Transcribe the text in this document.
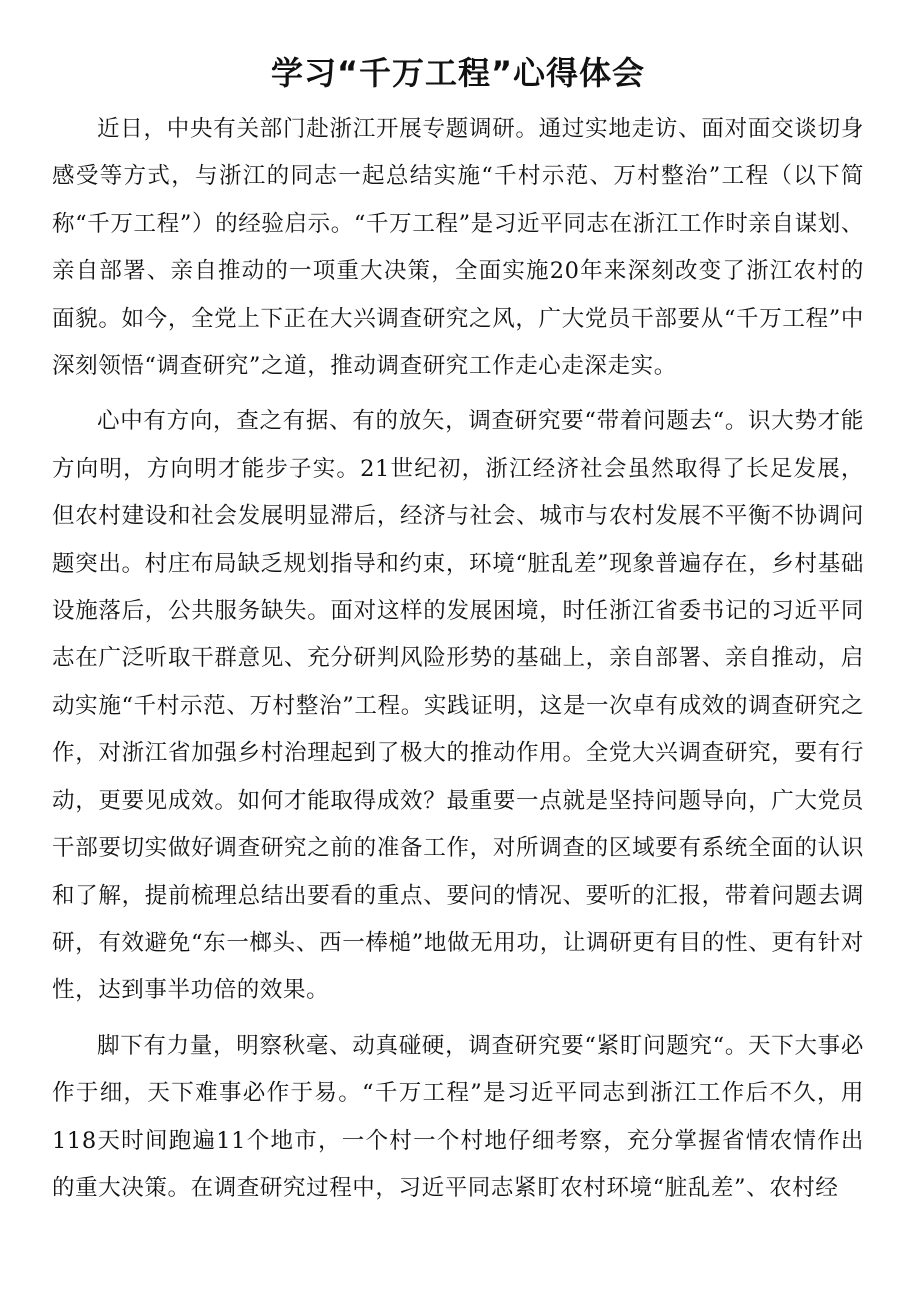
学习“千万工程”心得体会

近日，中央有关部门赴浙江开展专题调研。通过实地走访、面对面交谈切身感受等方式，与浙江的同志一起总结实施“千村示范、万村整治”工程（以下简称“千万工程”）的经验启示。“千万工程”是习近平同志在浙江工作时亲自谋划、亲自部署、亲自推动的一项重大决策，全面实施20年来深刻改变了浙江农村的面貌。如今，全党上下正在大兴调查研究之风，广大党员干部要从“千万工程”中深刻领悟“调查研究”之道，推动调查研究工作走心走深走实。

心中有方向，查之有据、有的放矢，调查研究要“带着问题去“。识大势才能方向明，方向明才能步子实。21世纪初，浙江经济社会虽然取得了长足发展，但农村建设和社会发展明显滞后，经济与社会、城市与农村发展不平衡不协调问题突出。村庄布局缺乏规划指导和约束，环境“脏乱差”现象普遍存在，乡村基础设施落后，公共服务缺失。面对这样的发展困境，时任浙江省委书记的习近平同志在广泛听取干群意见、充分研判风险形势的基础上，亲自部署、亲自推动，启动实施“千村示范、万村整治”工程。实践证明，这是一次卓有成效的调查研究之作，对浙江省加强乡村治理起到了极大的推动作用。全党大兴调查研究，要有行动，更要见成效。如何才能取得成效？最重要一点就是坚持问题导向，广大党员干部要切实做好调查研究之前的准备工作，对所调查的区域要有系统全面的认识和了解，提前梳理总结出要看的重点、要问的情况、要听的汇报，带着问题去调研，有效避免“东一榔头、西一棒槌”地做无用功，让调研更有目的性、更有针对性，达到事半功倍的效果。

脚下有力量，明察秋毫、动真碰硬，调查研究要“紧盯问题究“。天下大事必作于细，天下难事必作于易。“千万工程”是习近平同志到浙江工作后不久，用118天时间跑遍11个地市，一个村一个村地仔细考察，充分掌握省情农情作出的重大决策。在调查研究过程中，习近平同志紧盯农村环境“脏乱差”、农村经
